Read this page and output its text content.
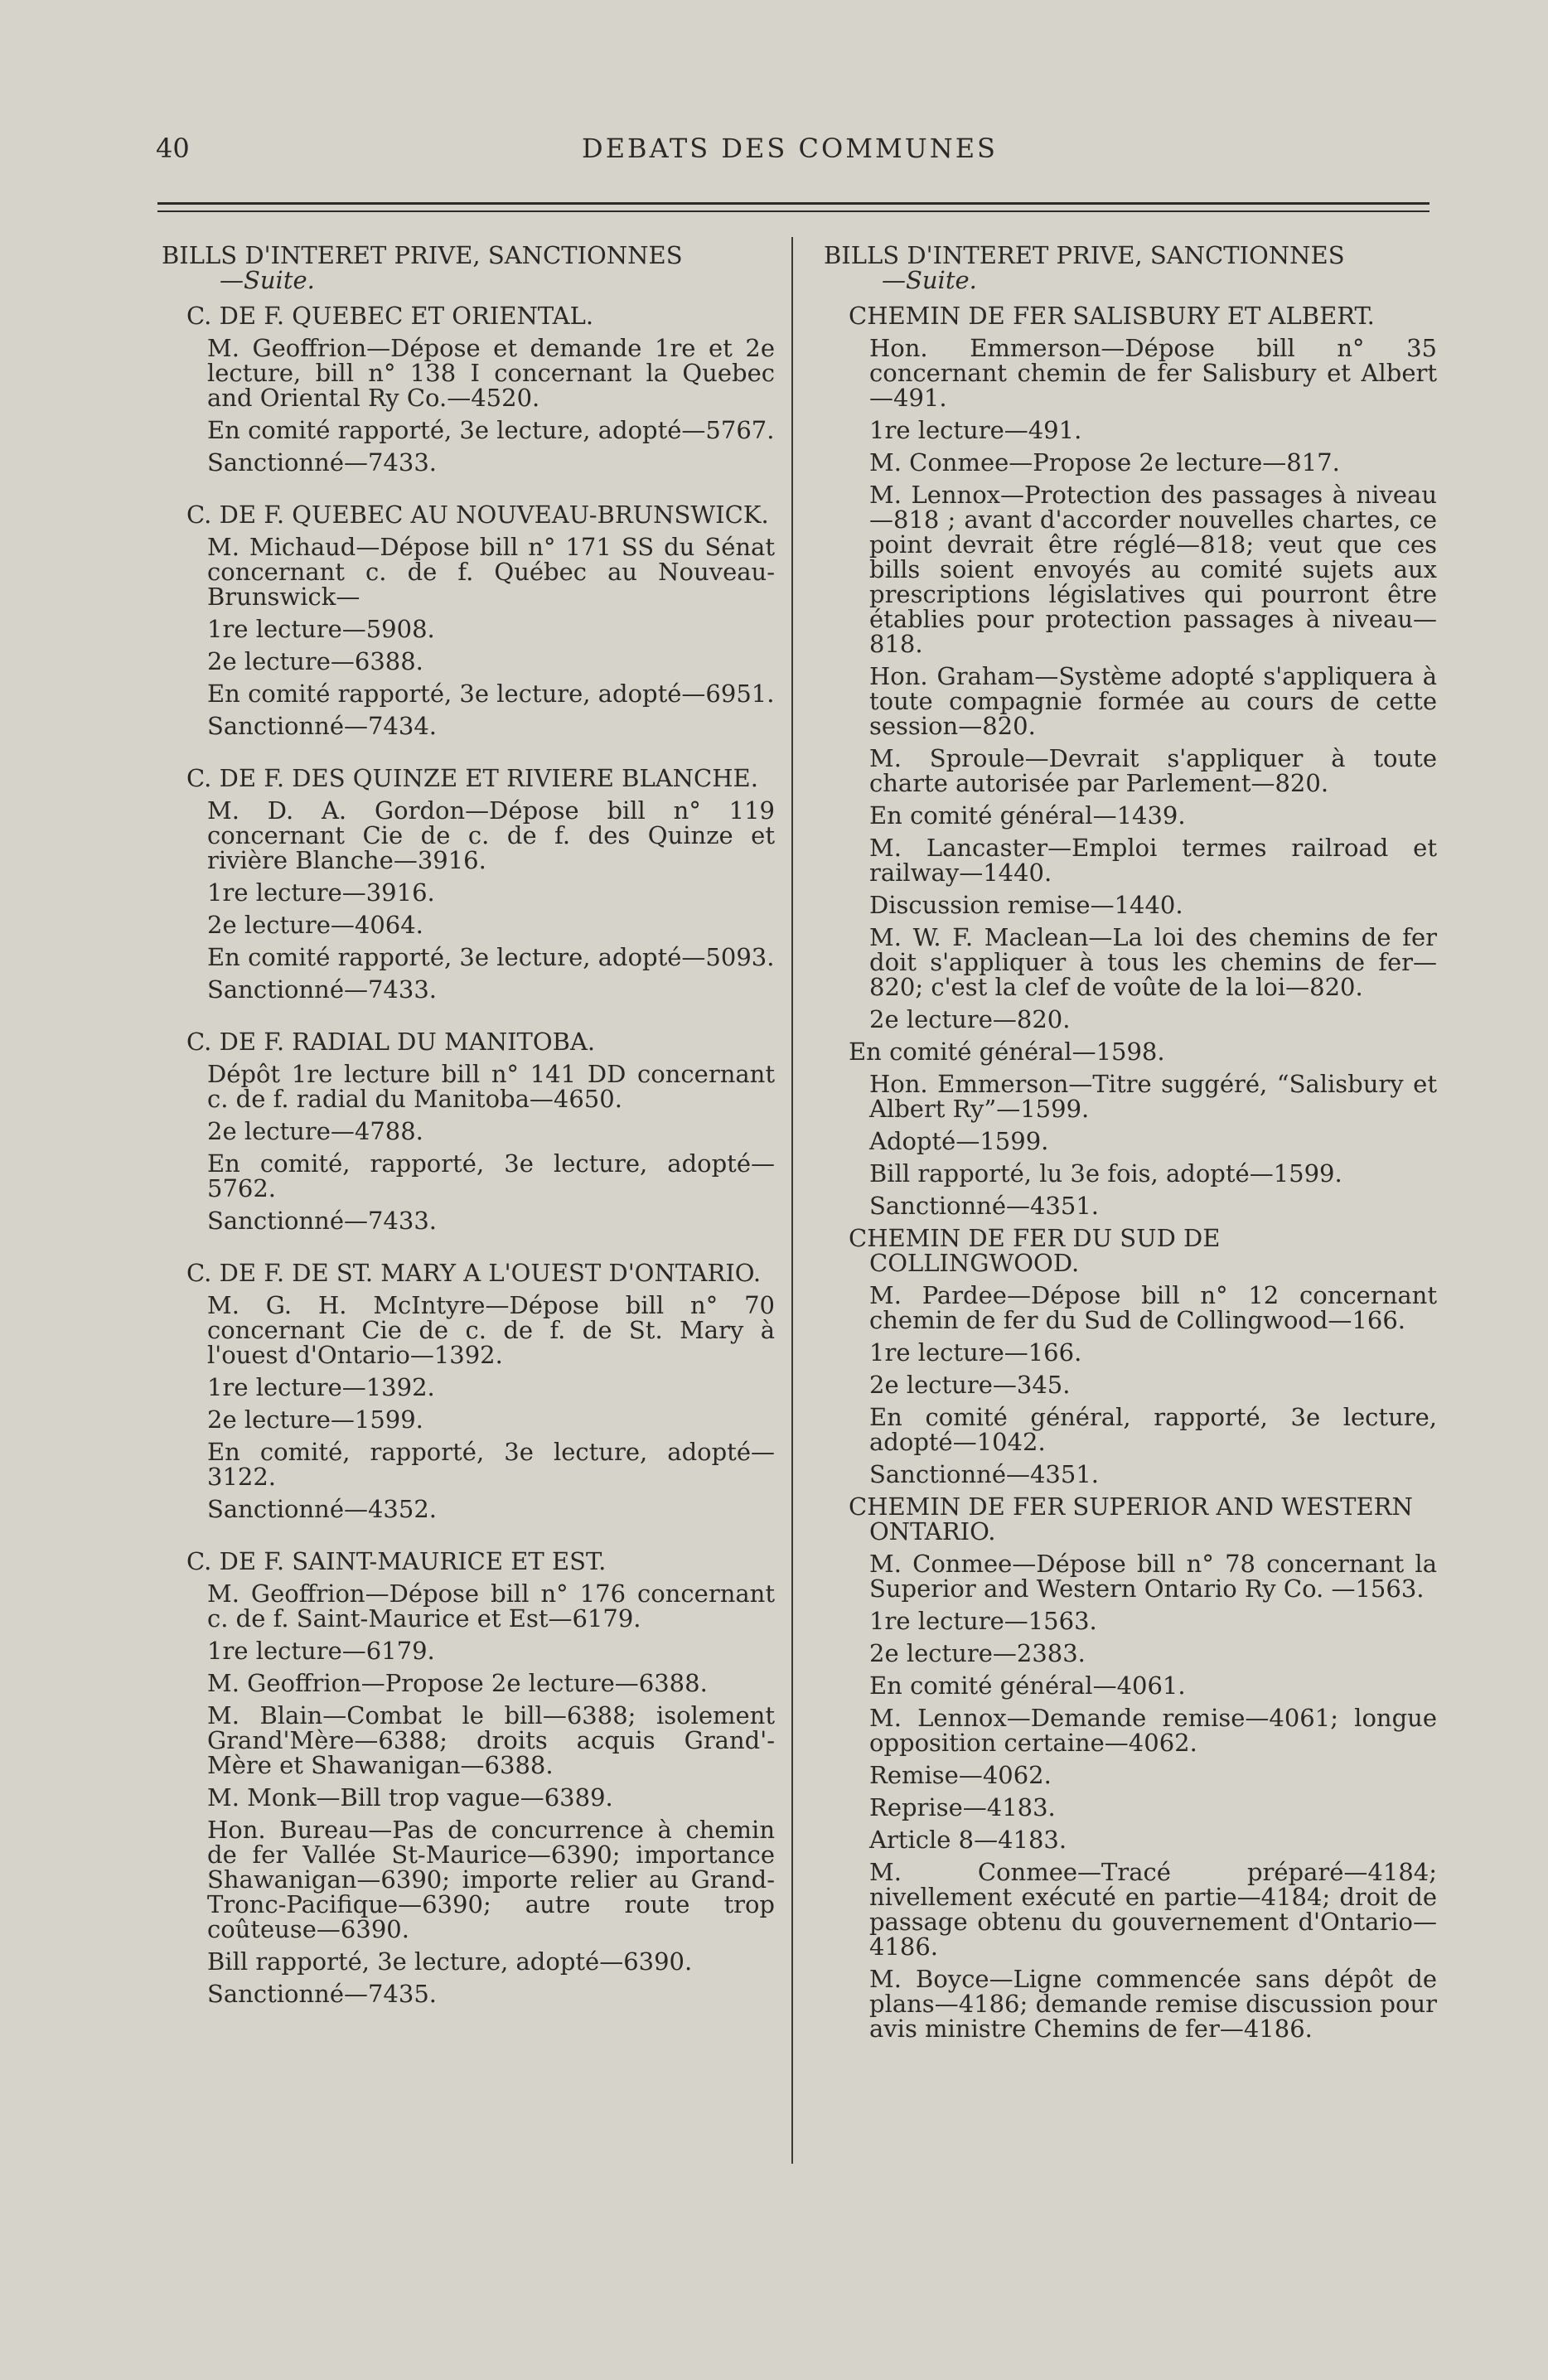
40	DEBATS DES COMMUNES
BILLS D'INTERET PRIVE, SANCTIONNES
—Suite.
C. DE F. QUEBEC ET ORIENTAL.
M. Geoffrion—Dépose et demande 1re et 2e lecture, bill n° 138 I concernant la Quebec and Oriental Ry Co.—4520.
En comité rapporté, 3e lecture, adopté—5767.
Sanctionné—7433.
C. DE F. QUEBEC AU NOUVEAU-BRUNSWICK.
M. Michaud—Dépose bill n° 171 SS du Sénat concernant c. de f. Québec au Nouveau-Brunswick—
1re lecture—5908.
2e lecture—6388.
En comité rapporté, 3e lecture, adopté—6951.
Sanctionné—7434.
C. DE F. DES QUINZE ET RIVIERE BLANCHE.
M. D. A. Gordon—Dépose bill n° 119 concernant Cie de c. de f. des Quinze et rivière Blanche—3916.
1re lecture—3916.
2e lecture—4064.
En comité rapporté, 3e lecture, adopté—5093.
Sanctionné—7433.
C. DE F. RADIAL DU MANITOBA.
Dépôt 1re lecture bill n° 141 DD concernant c. de f. radial du Manitoba—4650.
2e lecture—4788.
En comité, rapporté, 3e lecture, adopté—5762.
Sanctionné—7433.
C. DE F. DE ST. MARY A L'OUEST D'ONTARIO.
M. G. H. McIntyre—Dépose bill n° 70 concernant Cie de c. de f. de St. Mary à l'ouest d'Ontario—1392.
1re lecture—1392.
2e lecture—1599.
En comité, rapporté, 3e lecture, adopté—3122.
Sanctionné—4352.
C. DE F. SAINT-MAURICE ET EST.
M. Geoffrion—Dépose bill n° 176 concernant c. de f. Saint-Maurice et Est—6179.
1re lecture—6179.
M. Geoffrion—Propose 2e lecture—6388.
M. Blain—Combat le bill—6388; isolement Grand'Mère—6388; droits acquis Grand'-Mère et Shawanigan—6388.
M. Monk—Bill trop vague—6389.
Hon. Bureau—Pas de concurrence à chemin de fer Vallée St-Maurice—6390; importance Shawanigan—6390; importe relier au Grand-Tronc-Pacifique—6390; autre route trop coûteuse—6390.
Bill rapporté, 3e lecture, adopté—6390.
Sanctionné—7435.
BILLS D'INTERET PRIVE, SANCTIONNES
—Suite.
CHEMIN DE FER SALISBURY ET ALBERT.
Hon. Emmerson—Dépose bill n° 35 concernant chemin de fer Salisbury et Albert —491.
1re lecture—491.
M. Conmee—Propose 2e lecture—817.
M. Lennox—Protection des passages à niveau—818 ; avant d'accorder nouvelles chartes, ce point devrait être réglé—818; veut que ces bills soient envoyés au comité sujets aux prescriptions législatives qui pourront être établies pour protection passages à niveau—818.
Hon. Graham—Système adopté s'appliquera à toute compagnie formée au cours de cette session—820.
M. Sproule—Devrait s'appliquer à toute charte autorisée par Parlement—820.
En comité général—1439.
M. Lancaster—Emploi termes railroad et railway—1440.
Discussion remise—1440.
M. W. F. Maclean—La loi des chemins de fer doit s'appliquer à tous les chemins de fer—820; c'est la clef de voûte de la loi—820.
2e lecture—820.
En comité général—1598.
Hon. Emmerson—Titre suggéré, “Salisbury et Albert Ry”—1599.
Adopté—1599.
Bill rapporté, lu 3e fois, adopté—1599.
Sanctionné—4351.
CHEMIN DE FER DU SUD DE COLLINGWOOD.
M. Pardee—Dépose bill n° 12 concernant chemin de fer du Sud de Collingwood—166.
1re lecture—166.
2e lecture—345.
En comité général, rapporté, 3e lecture, adopté—1042.
Sanctionné—4351.
CHEMIN DE FER SUPERIOR AND WESTERN ONTARIO.
M. Conmee—Dépose bill n° 78 concernant la Superior and Western Ontario Ry Co. —1563.
1re lecture—1563.
2e lecture—2383.
En comité général—4061.
M. Lennox—Demande remise—4061; longue opposition certaine—4062.
Remise—4062.
Reprise—4183.
Article 8—4183.
M. Conmee—Tracé préparé—4184; nivellement exécuté en partie—4184; droit de passage obtenu du gouvernement d'Ontario—4186.
M. Boyce—Ligne commencée sans dépôt de plans—4186; demande remise discussion pour avis ministre Chemins de fer—4186.
